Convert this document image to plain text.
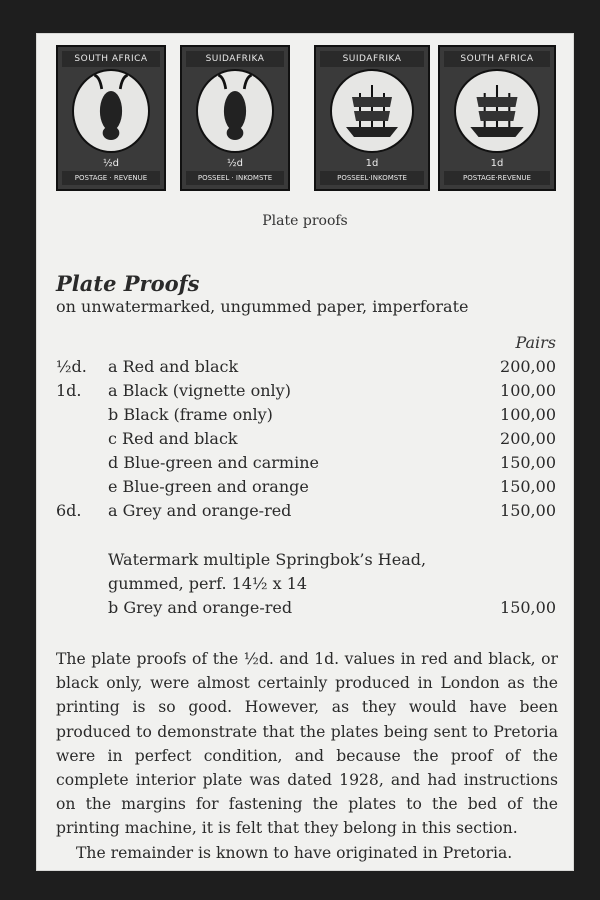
SOUTH AFRICA
½d
POSTAGE · REVENUE
SUIDAFRIKA
½d
POSSEEL · INKOMSTE
SUIDAFRIKA
1d
POSSEEL·INKOMSTE
SOUTH AFRICA
1d
POSTAGE·REVENUE
Plate proofs
Plate Proofs
on unwatermarked, ungummed paper, imperforate
Pairs
½d.	a Red and black	200,00
1d.	a Black (vignette only)	100,00
b Black (frame only)	100,00
c Red and black	200,00
d Blue-green and carmine	150,00
e Blue-green and orange	150,00
6d.	a Grey and orange-red	150,00
Watermark multiple Springbok’s Head,
gummed, perf. 14½ x 14
b Grey and orange-red	150,00

The plate proofs of the ½d. and 1d. values in red and black, or black only, were almost certainly produced in London as the printing is so good. However, as they would have been produced to demonstrate that the plates being sent to Pretoria were in perfect condition, and because the proof of the complete interior plate was dated 1928, and had instructions on the margins for fastening the plates to the bed of the printing machine, it is felt that they belong in this section.

The remainder is known to have originated in Pretoria.
